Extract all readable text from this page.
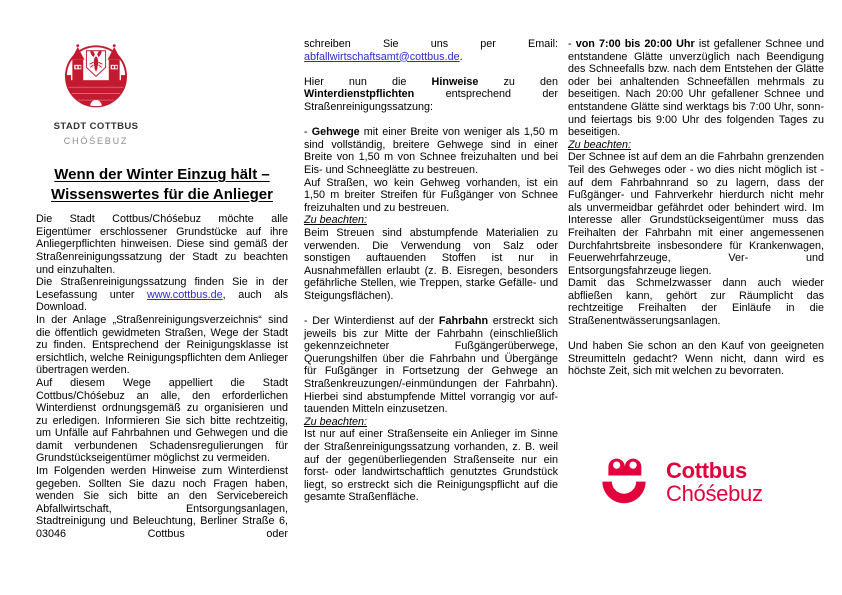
STADT COTTBUS
CHÓŚEBUZ
Wenn der Winter Einzug hält –
Wissenswertes für die Anlieger

Die Stadt Cottbus/Chóśebuz möchte alle Eigentümer erschlossener Grundstücke auf ihre Anliegerpflichten hinweisen. Diese sind gemäß der Straßenreinigungssatzung der Stadt zu beachten und einzuhalten.

Die Straßenreinigungssatzung finden Sie in der Lesefassung unter www.cottbus.de, auch als Download.

In der Anlage „Straßenreinigungsverzeichnis“ sind die öffentlich gewidmeten Straßen, Wege der Stadt zu finden. Entsprechend der Reinigungsklasse ist ersichtlich, welche Reinigungspflichten dem Anlieger übertragen werden.

Auf diesem Wege appelliert die Stadt Cottbus/Chóśebuz an alle, den erforderlichen Winterdienst ordnungsgemäß zu organisieren und zu erledigen. Informieren Sie sich bitte rechtzeitig, um Unfälle auf Fahrbahnen und Gehwegen und die damit verbundenen Schadensregulierungen für Grundstückseigentümer möglichst zu vermeiden.

Im Folgenden werden Hinweise zum Winterdienst gegeben. Sollten Sie dazu noch Fragen haben, wenden Sie sich bitte an den Servicebereich Abfallwirtschaft, Entsorgungsanlagen, Stadtreinigung und Beleuchtung, Berliner Straße 6, 03046 Cottbus oder

schreiben Sie uns per Email: abfallwirtschaftsamt@cottbus.de.

Hier nun die Hinweise zu den Winterdienstpflichten entsprechend der Straßenreinigungssatzung:

- Gehwege mit einer Breite von weniger als 1,50 m sind vollständig, breitere Gehwege sind in einer Breite von 1,50 m von Schnee freizuhalten und bei Eis- und Schneeglätte zu bestreuen.

Auf Straßen, wo kein Gehweg vorhanden, ist ein 1,50 m breiter Streifen für Fußgänger von Schnee freizuhalten und zu bestreuen.

Zu beachten:

Beim Streuen sind abstumpfende Materialien zu verwenden. Die Verwendung von Salz oder sonstigen auftauenden Stoffen ist nur in Ausnahmefällen erlaubt (z. B. Eisregen, besonders gefährliche Stellen, wie Treppen, starke Gefälle- und Steigungsflächen).

- Der Winterdienst auf der Fahrbahn erstreckt sich jeweils bis zur Mitte der Fahrbahn (einschließlich gekennzeichneter Fußgängerüberwege, Querungshilfen über die Fahrbahn und Übergänge für Fußgänger in Fortsetzung der Gehwege an Straßenkreuzungen/-einmündungen der Fahrbahn). Hierbei sind abstumpfende Mittel vorrangig vor auftauenden Mitteln einzusetzen.

Zu beachten:

Ist nur auf einer Straßenseite ein Anlieger im Sinne der Straßenreinigungssatzung vorhanden, z. B. weil auf der gegenüberliegenden Straßenseite nur ein forst- oder landwirtschaftlich genutztes Grundstück liegt, so erstreckt sich die Reinigungspflicht auf die gesamte Straßenfläche.

- von 7:00 bis 20:00 Uhr ist gefallener Schnee und entstandene Glätte unverzüglich nach Beendigung des Schneefalls bzw. nach dem Entstehen der Glätte oder bei anhaltenden Schneefällen mehrmals zu beseitigen. Nach 20:00 Uhr gefallener Schnee und entstandene Glätte sind werktags bis 7:00 Uhr, sonn- und feiertags bis 9:00 Uhr des folgenden Tages zu beseitigen.

Zu beachten:

Der Schnee ist auf dem an die Fahrbahn grenzenden Teil des Gehweges oder - wo dies nicht möglich ist - auf dem Fahrbahnrand so zu lagern, dass der Fußgänger- und Fahrverkehr hierdurch nicht mehr als unvermeidbar gefährdet oder behindert wird. Im Interesse aller Grundstückseigentümer muss das Freihalten der Fahrbahn mit einer angemessenen Durchfahrtsbreite insbesondere für Krankenwagen, Feuerwehrfahrzeuge, Ver- und Entsorgungsfahrzeuge liegen.

Damit das Schmelzwasser dann auch wieder abfließen kann, gehört zur Räumplicht das rechtzeitige Freihalten der Einläufe in die Straßenentwässerungsanlagen.

Und haben Sie schon an den Kauf von geeigneten Streumitteln gedacht? Wenn nicht, dann wird es höchste Zeit, sich mit welchen zu bevorraten.

Cottbus
Chóśebuz
